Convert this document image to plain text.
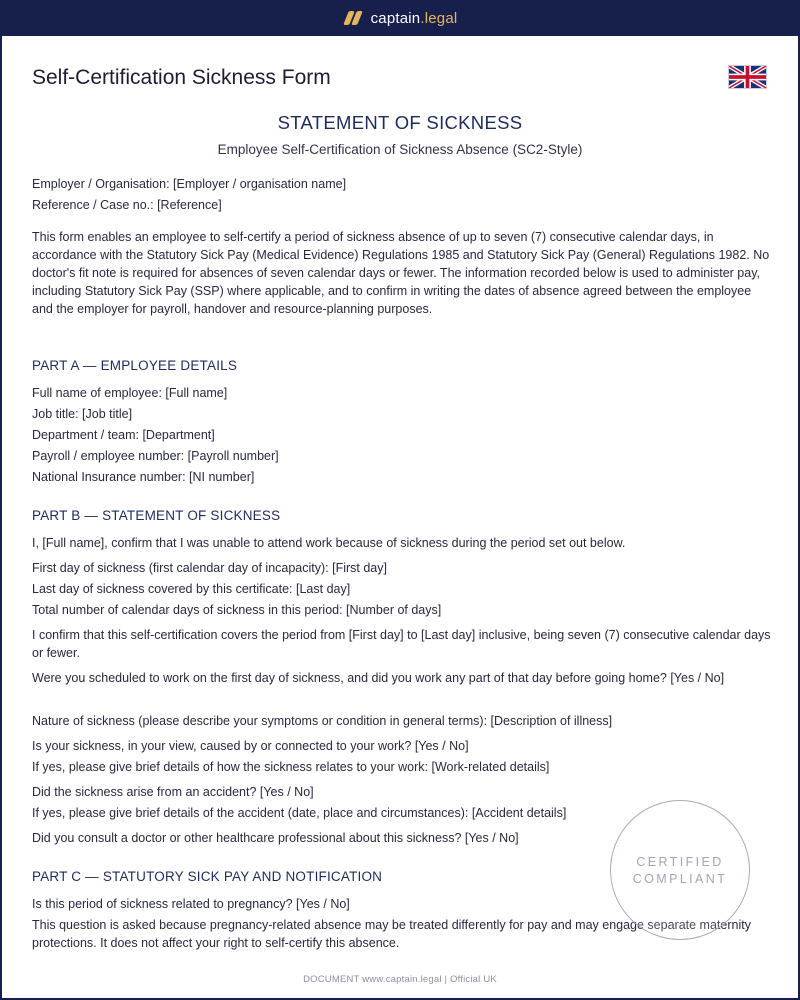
captain.legal
Self-Certification Sickness Form
STATEMENT OF SICKNESS
Employee Self-Certification of Sickness Absence (SC2-Style)
Employer / Organisation: [Employer / organisation name]
Reference / Case no.: [Reference]
This form enables an employee to self-certify a period of sickness absence of up to seven (7) consecutive calendar days, in accordance with the Statutory Sick Pay (Medical Evidence) Regulations 1985 and Statutory Sick Pay (General) Regulations 1982. No doctor's fit note is required for absences of seven calendar days or fewer. The information recorded below is used to administer pay, including Statutory Sick Pay (SSP) where applicable, and to confirm in writing the dates of absence agreed between the employee and the employer for payroll, handover and resource-planning purposes.
PART A — EMPLOYEE DETAILS
Full name of employee: [Full name]
Job title: [Job title]
Department / team: [Department]
Payroll / employee number: [Payroll number]
National Insurance number: [NI number]
PART B — STATEMENT OF SICKNESS
I, [Full name], confirm that I was unable to attend work because of sickness during the period set out below.
First day of sickness (first calendar day of incapacity): [First day]
Last day of sickness covered by this certificate: [Last day]
Total number of calendar days of sickness in this period: [Number of days]
I confirm that this self-certification covers the period from [First day] to [Last day] inclusive, being seven (7) consecutive calendar days or fewer.
Were you scheduled to work on the first day of sickness, and did you work any part of that day before going home? [Yes / No]
Nature of sickness (please describe your symptoms or condition in general terms): [Description of illness]
Is your sickness, in your view, caused by or connected to your work? [Yes / No]
If yes, please give brief details of how the sickness relates to your work: [Work-related details]
Did the sickness arise from an accident? [Yes / No]
If yes, please give brief details of the accident (date, place and circumstances): [Accident details]
Did you consult a doctor or other healthcare professional about this sickness? [Yes / No]
PART C — STATUTORY SICK PAY AND NOTIFICATION
Is this period of sickness related to pregnancy? [Yes / No]
This question is asked because pregnancy-related absence may be treated differently for pay and may engage separate maternity protections. It does not affect your right to self-certify this absence.
CERTIFIED
COMPLIANT
DOCUMENT www.captain.legal | Official UK
